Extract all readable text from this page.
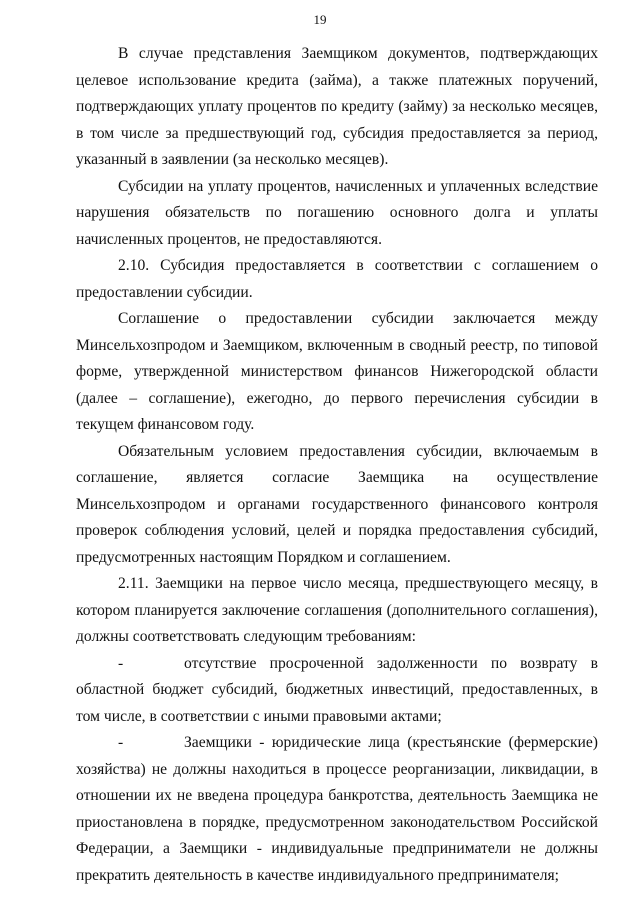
19

В случае представления Заемщиком документов, подтверждающих целевое использование кредита (займа), а также платежных поручений, подтверждающих уплату процентов по кредиту (займу) за несколько месяцев, в том числе за предшествующий год, субсидия предоставляется за период, указанный в заявлении (за несколько месяцев).

Субсидии на уплату процентов, начисленных и уплаченных вследствие нарушения обязательств по погашению основного долга и уплаты начисленных процентов, не предоставляются.

2.10. Субсидия предоставляется в соответствии с соглашением о предоставлении субсидии.

Соглашение о предоставлении субсидии заключается между Минсельхозпродом и Заемщиком, включенным в сводный реестр, по типовой форме, утвержденной министерством финансов Нижегородской области (далее – соглашение), ежегодно, до первого перечисления субсидии в текущем финансовом году.

Обязательным условием предоставления субсидии, включаемым в соглашение, является согласие Заемщика на осуществление Минсельхозпродом и органами государственного финансового контроля проверок соблюдения условий, целей и порядка предоставления субсидий, предусмотренных настоящим Порядком и соглашением.

2.11. Заемщики на первое число месяца, предшествующего месяцу, в котором планируется заключение соглашения (дополнительного соглашения), должны соответствовать следующим требованиям:

-	отсутствие просроченной задолженности по возврату в областной бюджет субсидий, бюджетных инвестиций, предоставленных, в том числе, в соответствии с иными правовыми актами;

-	Заемщики - юридические лица (крестьянские (фермерские) хозяйства) не должны находиться в процессе реорганизации, ликвидации, в отношении их не введена процедура банкротства, деятельность Заемщика не приостановлена в порядке, предусмотренном законодательством Российской Федерации, а Заемщики - индивидуальные предприниматели не должны прекратить деятельность в качестве индивидуального предпринимателя;
